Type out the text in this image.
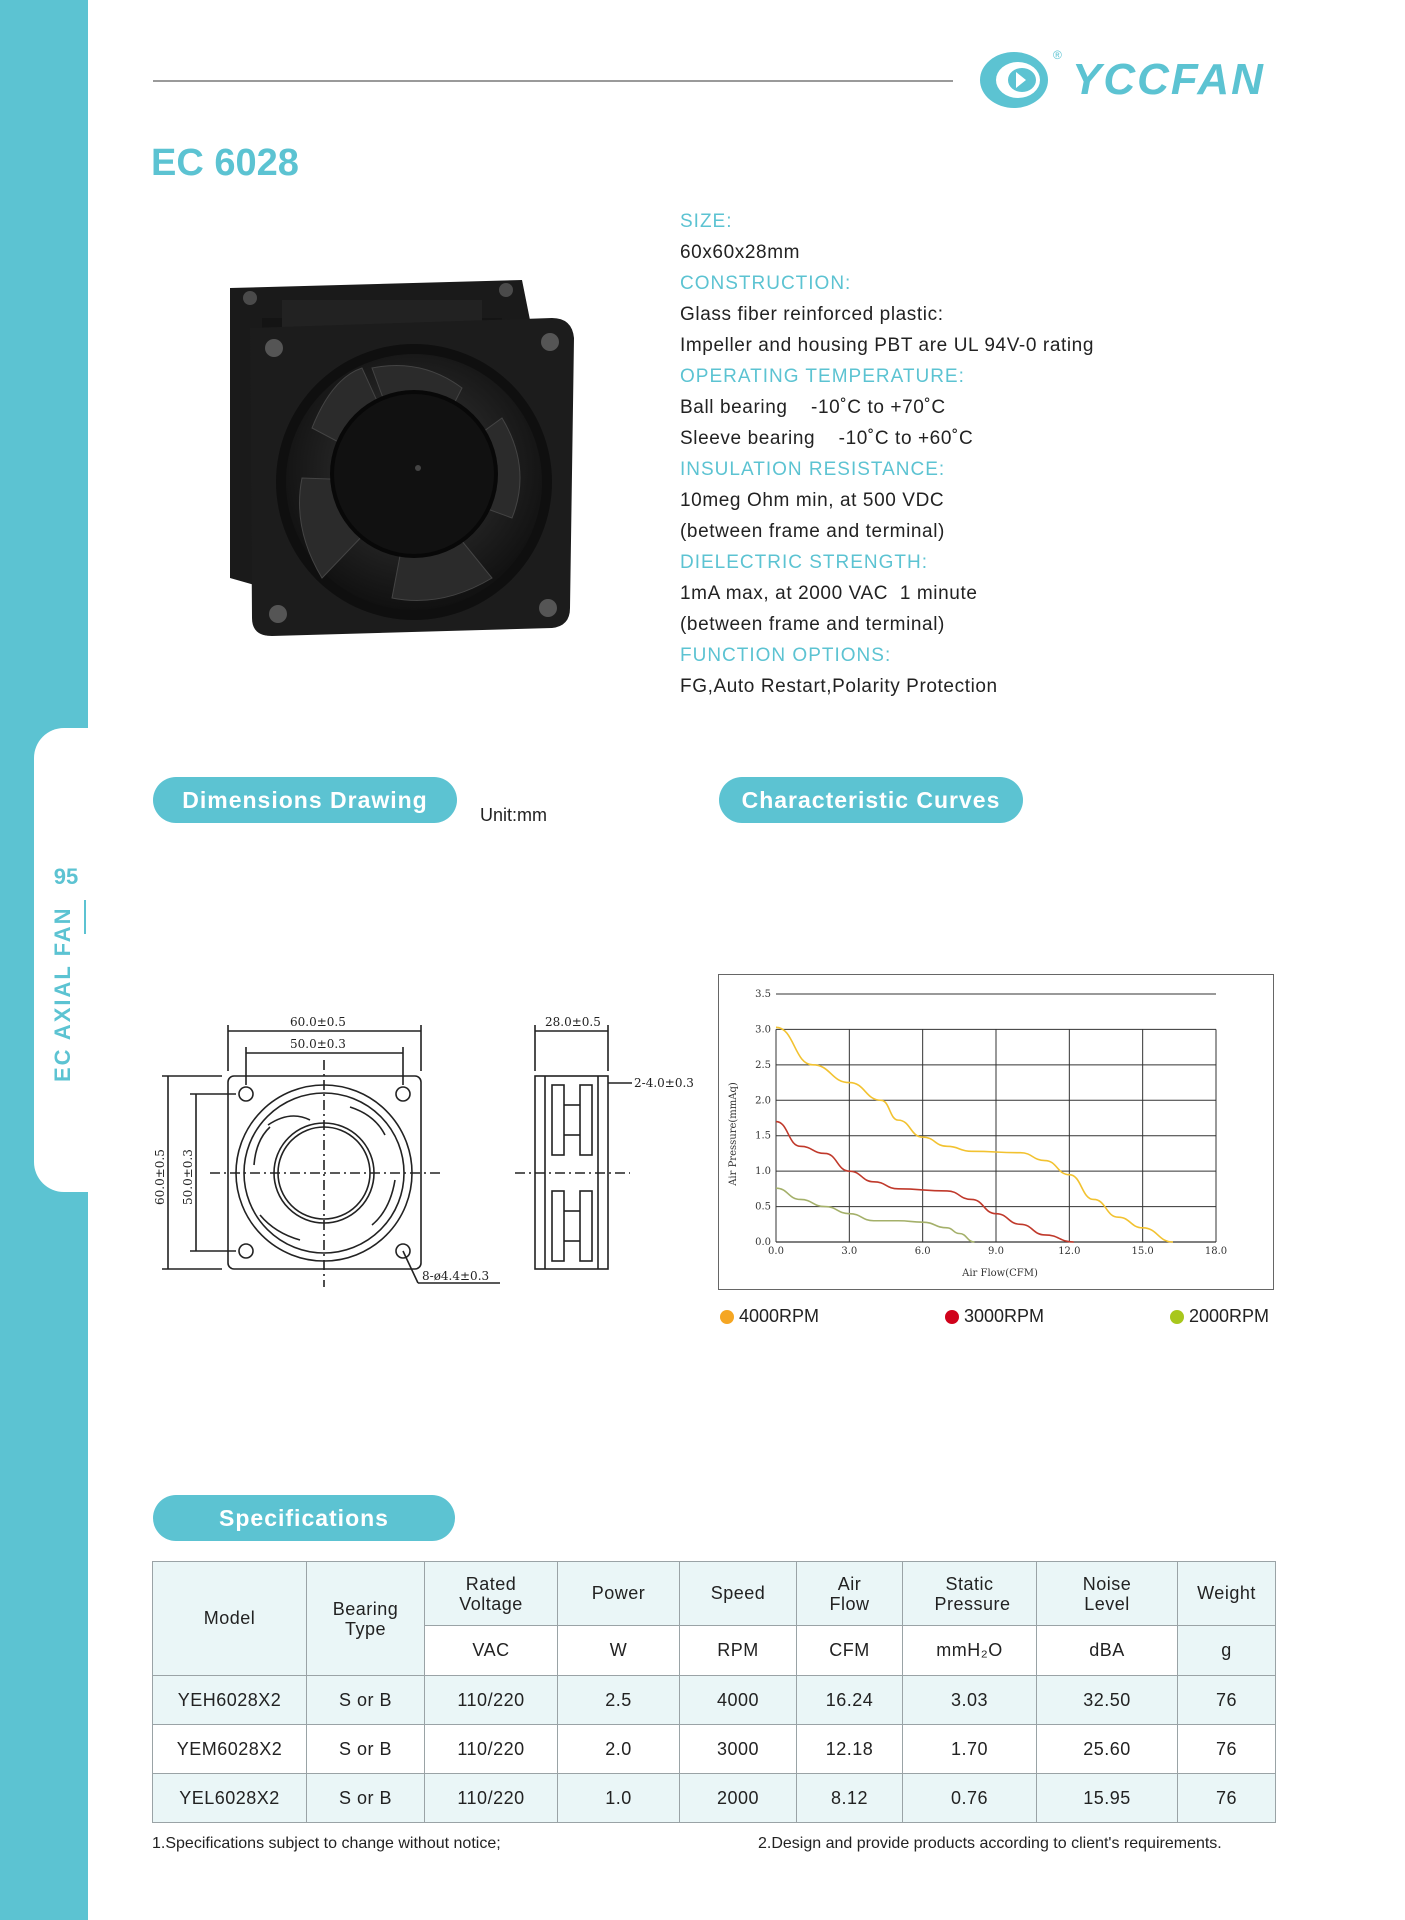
95
EC AXIAL FAN
YCCFAN
®
EC 6028
SIZE:
60x60x28mm
CONSTRUCTION:
Glass fiber reinforced plastic:
Impeller and housing PBT are UL 94V-0 rating
OPERATING TEMPERATURE:
Ball bearing    -10˚C to +70˚C
Sleeve bearing    -10˚C to +60˚C
INSULATION RESISTANCE:
10meg Ohm min, at 500 VDC
(between frame and terminal)
DIELECTRIC STRENGTH:
1mA max, at 2000 VAC  1 minute
(between frame and terminal)
FUNCTION OPTIONS:
FG,Auto Restart,Polarity Protection
Dimensions Drawing
Unit:mm
Characteristic Curves
60.0±0.5
50.0±0.3
60.0±0.5 50.0±0.3
28.0±0.5
2-4.0±0.3
8-ø4.4±0.3
0.0
0.5
1.0
1.5
2.0
2.5
3.0
3.5
0.0	3.0	6.0	9.0	12.0	15.0	18.0
Air Flow(CFM)
Air Pressure(mmAq)
4000RPM	3000RPM	2000RPM
Specifications
Model	Bearing Type	Rated Voltage	Power	Speed	Air Flow	Static Pressure	Noise Level	Weight
		VAC	W	RPM	CFM	mmH₂O	dBA	g
YEH6028X2	S or B	110/220	2.5	4000	16.24	3.03	32.50	76
YEM6028X2	S or B	110/220	2.0	3000	12.18	1.70	25.60	76
YEL6028X2	S or B	110/220	1.0	2000	8.12	0.76	15.95	76
1.Specifications subject to change without notice;	2.Design and provide products according to client's requirements.
